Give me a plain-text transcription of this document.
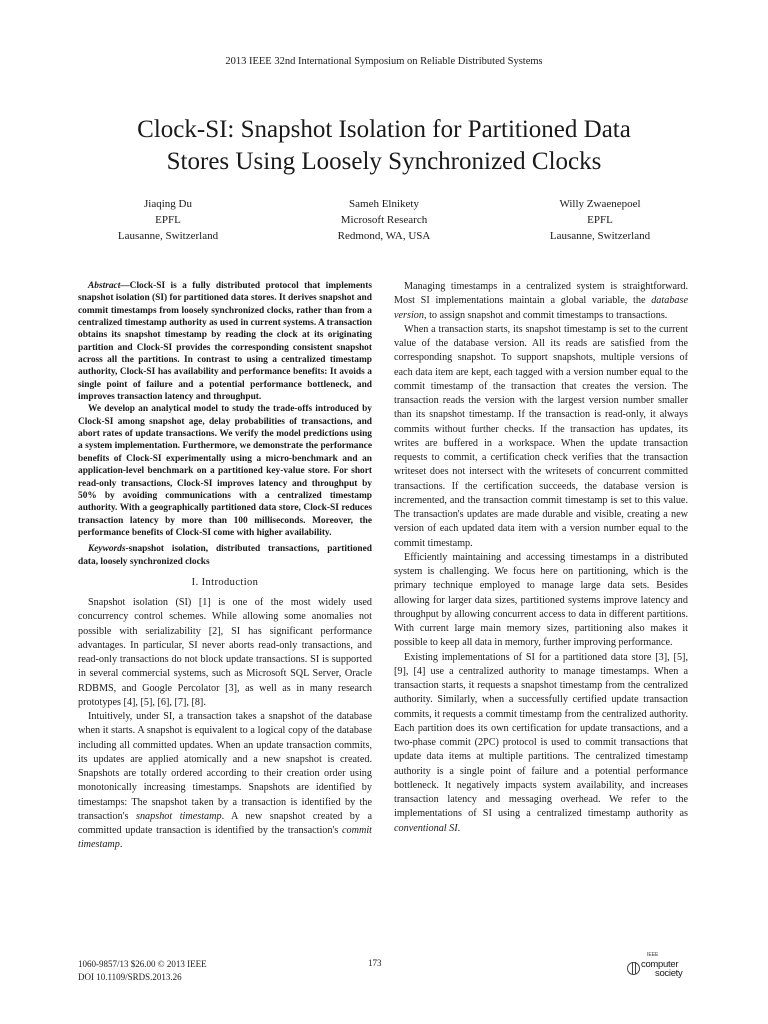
2013 IEEE 32nd International Symposium on Reliable Distributed Systems
Clock-SI: Snapshot Isolation for Partitioned Data
Stores Using Loosely Synchronized Clocks
Jiaqing Du
EPFL
Lausanne, Switzerland
Sameh Elnikety
Microsoft Research
Redmond, WA, USA
Willy Zwaenepoel
EPFL
Lausanne, Switzerland

Abstract—Clock-SI is a fully distributed protocol that implements snapshot isolation (SI) for partitioned data stores. It derives snapshot and commit timestamps from loosely synchronized clocks, rather than from a centralized timestamp authority as used in current systems. A transaction obtains its snapshot timestamp by reading the clock at its originating partition and Clock-SI provides the corresponding consistent snapshot across all the partitions. In contrast to using a centralized timestamp authority, Clock-SI has availability and performance benefits: It avoids a single point of failure and a potential performance bottleneck, and improves transaction latency and throughput.

We develop an analytical model to study the trade-offs introduced by Clock-SI among snapshot age, delay probabilities of transactions, and abort rates of update transactions. We verify the model predictions using a system implementation. Furthermore, we demonstrate the performance benefits of Clock-SI experimentally using a micro-benchmark and an application-level benchmark on a partitioned key-value store. For short read-only transactions, Clock-SI improves latency and throughput by 50% by avoiding communications with a centralized timestamp authority. With a geographically partitioned data store, Clock-SI reduces transaction latency by more than 100 milliseconds. Moreover, the performance benefits of Clock-SI come with higher availability.

Keywords-snapshot isolation, distributed transactions, partitioned data, loosely synchronized clocks

I. Introduction

Snapshot isolation (SI) [1] is one of the most widely used concurrency control schemes. While allowing some anomalies not possible with serializability [2], SI has significant performance advantages. In particular, SI never aborts read-only transactions, and read-only transactions do not block update transactions. SI is supported in several commercial systems, such as Microsoft SQL Server, Oracle RDBMS, and Google Percolator [3], as well as in many research prototypes [4], [5], [6], [7], [8].

Intuitively, under SI, a transaction takes a snapshot of the database when it starts. A snapshot is equivalent to a logical copy of the database including all committed updates. When an update transaction commits, its updates are applied atomically and a new snapshot is created. Snapshots are totally ordered according to their creation order using monotonically increasing timestamps. Snapshots are identified by timestamps: The snapshot taken by a transaction is identified by the transaction's snapshot timestamp. A new snapshot created by a committed update transaction is identified by the transaction's commit timestamp.

Managing timestamps in a centralized system is straightforward. Most SI implementations maintain a global variable, the database version, to assign snapshot and commit timestamps to transactions.

When a transaction starts, its snapshot timestamp is set to the current value of the database version. All its reads are satisfied from the corresponding snapshot. To support snapshots, multiple versions of each data item are kept, each tagged with a version number equal to the commit timestamp of the transaction that creates the version. The transaction reads the version with the largest version number smaller than its snapshot timestamp. If the transaction is read-only, it always commits without further checks. If the transaction has updates, its writes are buffered in a workspace. When the update transaction requests to commit, a certification check verifies that the transaction writeset does not intersect with the writesets of concurrent committed transactions. If the certification succeeds, the database version is incremented, and the transaction commit timestamp is set to this value. The transaction's updates are made durable and visible, creating a new version of each updated data item with a version number equal to the commit timestamp.

Efficiently maintaining and accessing timestamps in a distributed system is challenging. We focus here on partitioning, which is the primary technique employed to manage large data sets. Besides allowing for larger data sizes, partitioned systems improve latency and throughput by allowing concurrent access to data in different partitions. With current large main memory sizes, partitioning also makes it possible to keep all data in memory, further improving performance.

Existing implementations of SI for a partitioned data store [3], [5], [9], [4] use a centralized authority to manage timestamps. When a transaction starts, it requests a snapshot timestamp from the centralized authority. Similarly, when a successfully certified update transaction commits, it requests a commit timestamp from the centralized authority. Each partition does its own certification for update transactions, and a two-phase commit (2PC) protocol is used to commit transactions that update data items at multiple partitions. The centralized timestamp authority is a single point of failure and a potential performance bottleneck. It negatively impacts system availability, and increases transaction latency and messaging overhead. We refer to the implementations of SI using a centralized timestamp authority as conventional SI.

1060-9857/13 $26.00 © 2013 IEEE
DOI 10.1109/SRDS.2013.26
173
IEEE
computer
society
